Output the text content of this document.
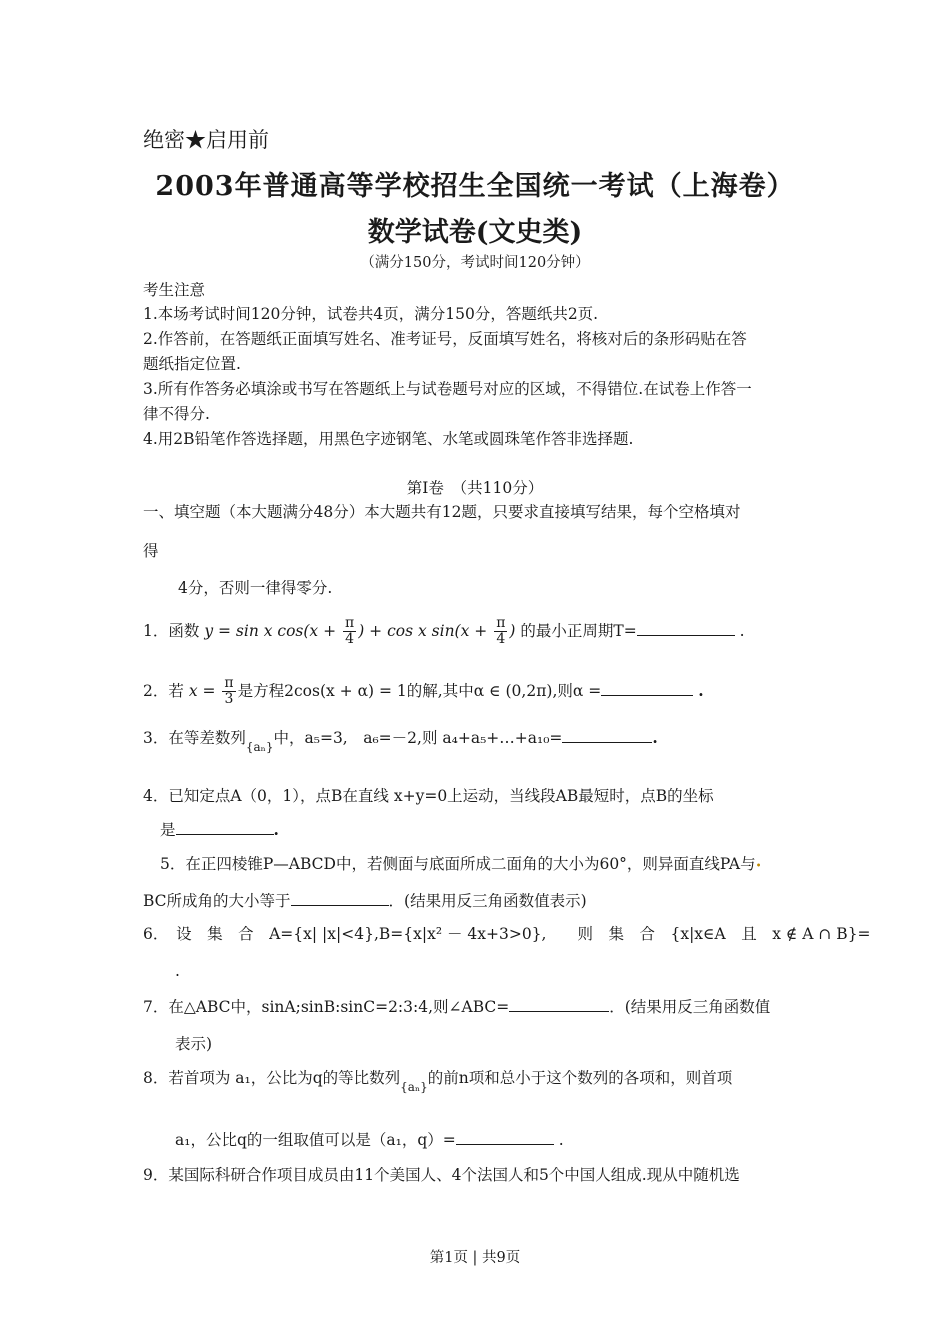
绝密★启用前
2003年普通高等学校招生全国统一考试（上海卷）
数学试卷(文史类)
（满分150分，考试时间120分钟）
考生注意
1.本场考试时间120分钟，试卷共4页，满分150分，答题纸共2页.
2.作答前，在答题纸正面填写姓名、准考证号，反面填写姓名，将核对后的条形码贴在答
题纸指定位置.
3.所有作答务必填涂或书写在答题纸上与试卷题号对应的区域，不得错位.在试卷上作答一
律不得分.
4.用2B铅笔作答选择题，用黑色字迹钢笔、水笔或圆珠笔作答非选择题.
第Ⅰ卷　（共110分）
一、填空题（本大题满分48分）本大题共有12题，只要求直接填写结果，每个空格填对
得
4分，否则一律得零分.
1．函数 y = sin x $\cos(x + \frac{\pi}{4}$ ) + cos x $\sin(x + \frac{\pi}{4}$ ) 的最小正周期T=	.
2．若 $x = \frac{\pi}{3}$ 是方程2cos(x + α) = 1的解,其中α ∈ (0,2π),则α =	.
3．在等差数列{aₙ}中，a₅=3,　a₆=－2,则 a₄+a₅+…+a₁₀=	.
4．已知定点A（0，1），点B在直线 x+y=0上运动，当线段AB最短时，点B的坐标
是	.
5．在正四棱锥P—ABCD中，若侧面与底面所成二面角的大小为60°，则异面直线PA与•
BC所成角的大小等于	．(结果用反三角函数值表示)
6．　设　集　合　A={x| |x|<4},B={x|x² － 4x+3>0},　　则　集　合　{x|x∈A　且　x ∉ A ∩ B}=
.
7．在△ABC中，sinA;sinB:sinC=2:3:4,则∠ABC=	．(结果用反三角函数值
表示)
8．若首项为 a₁，公比为q的等比数列{aₙ}的前n项和总小于这个数列的各项和，则首项
a₁，公比q的一组取值可以是（a₁，q）=	.
9．某国际科研合作项目成员由11个美国人、4个法国人和5个中国人组成.现从中随机选
第1页 | 共9页
